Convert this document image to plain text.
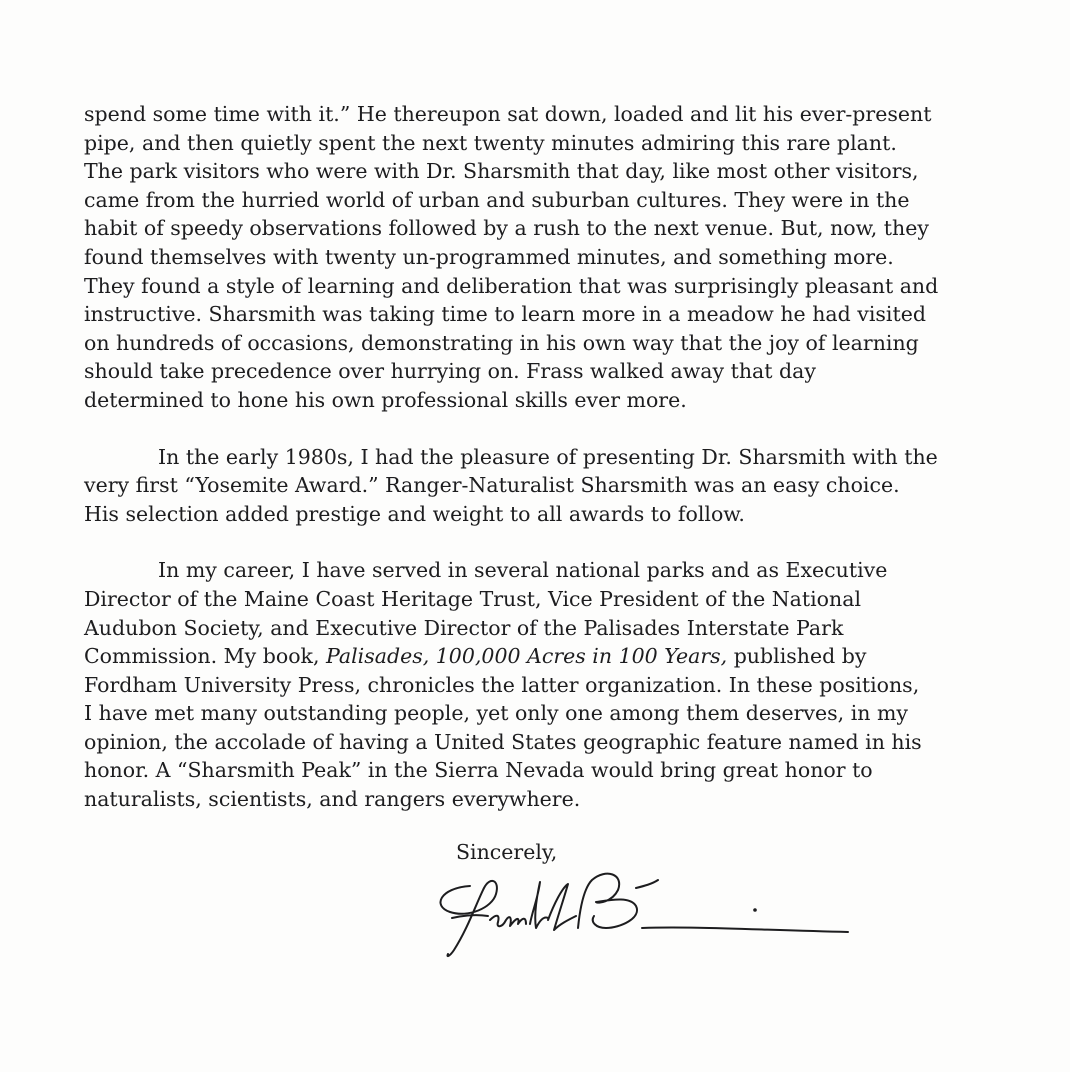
spend some time with it.” He thereupon sat down, loaded and lit his ever-present
pipe, and then quietly spent the next twenty minutes admiring this rare plant.
The park visitors who were with Dr. Sharsmith that day, like most other visitors,
came from the hurried world of urban and suburban cultures. They were in the
habit of speedy observations followed by a rush to the next venue. But, now, they
found themselves with twenty un-programmed minutes, and something more.
They found a style of learning and deliberation that was surprisingly pleasant and
instructive. Sharsmith was taking time to learn more in a meadow he had visited
on hundreds of occasions, demonstrating in his own way that the joy of learning
should take precedence over hurrying on. Frass walked away that day
determined to hone his own professional skills ever more.
In the early 1980s, I had the pleasure of presenting Dr. Sharsmith with the
very first “Yosemite Award.” Ranger-Naturalist Sharsmith was an easy choice.
His selection added prestige and weight to all awards to follow.
In my career, I have served in several national parks and as Executive
Director of the Maine Coast Heritage Trust, Vice President of the National
Audubon Society, and Executive Director of the Palisades Interstate Park
Commission. My book, Palisades, 100,000 Acres in 100 Years, published by
Fordham University Press, chronicles the latter organization. In these positions,
I have met many outstanding people, yet only one among them deserves, in my
opinion, the accolade of having a United States geographic feature named in his
honor. A “Sharsmith Peak” in the Sierra Nevada would bring great honor to
naturalists, scientists, and rangers everywhere.
Sincerely,
